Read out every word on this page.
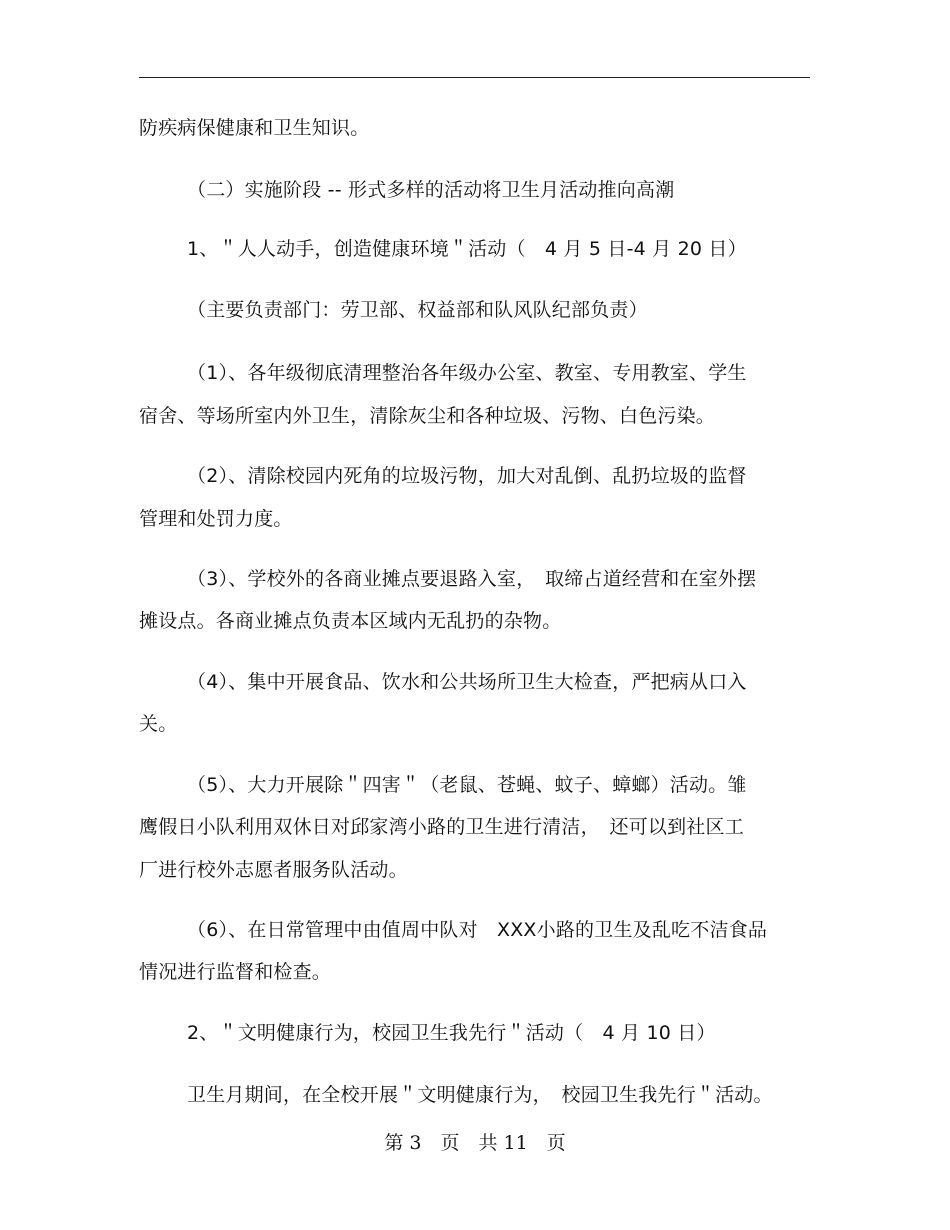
防疾病保健康和卫生知识。
（二）实施阶段 -- 形式多样的活动将卫生月活动推向高潮
1、＂人人动手，创造健康环境＂活动（　4 月 5 日-4 月 20 日）
（主要负责部门：劳卫部、权益部和队风队纪部负责）
（1）、各年级彻底清理整治各年级办公室、教室、专用教室、学生
宿舍、等场所室内外卫生，清除灰尘和各种垃圾、污物、白色污染。
（2）、清除校园内死角的垃圾污物，加大对乱倒、乱扔垃圾的监督
管理和处罚力度。
（3）、学校外的各商业摊点要退路入室，　取缔占道经营和在室外摆
摊设点。各商业摊点负责本区域内无乱扔的杂物。
（4）、集中开展食品、饮水和公共场所卫生大检查，严把病从口入
关。
（5）、大力开展除＂四害＂（老鼠、苍蝇、蚊子、蟑螂）活动。雏
鹰假日小队利用双休日对邱家湾小路的卫生进行清洁，　还可以到社区工
厂进行校外志愿者服务队活动。
（6）、在日常管理中由值周中队对　XXX小路的卫生及乱吃不洁食品
情况进行监督和检查。
2、＂文明健康行为，校园卫生我先行＂活动（　4 月 10 日）
卫生月期间，在全校开展＂文明健康行为，　校园卫生我先行＂活动。
第 3　页　共 11　页
